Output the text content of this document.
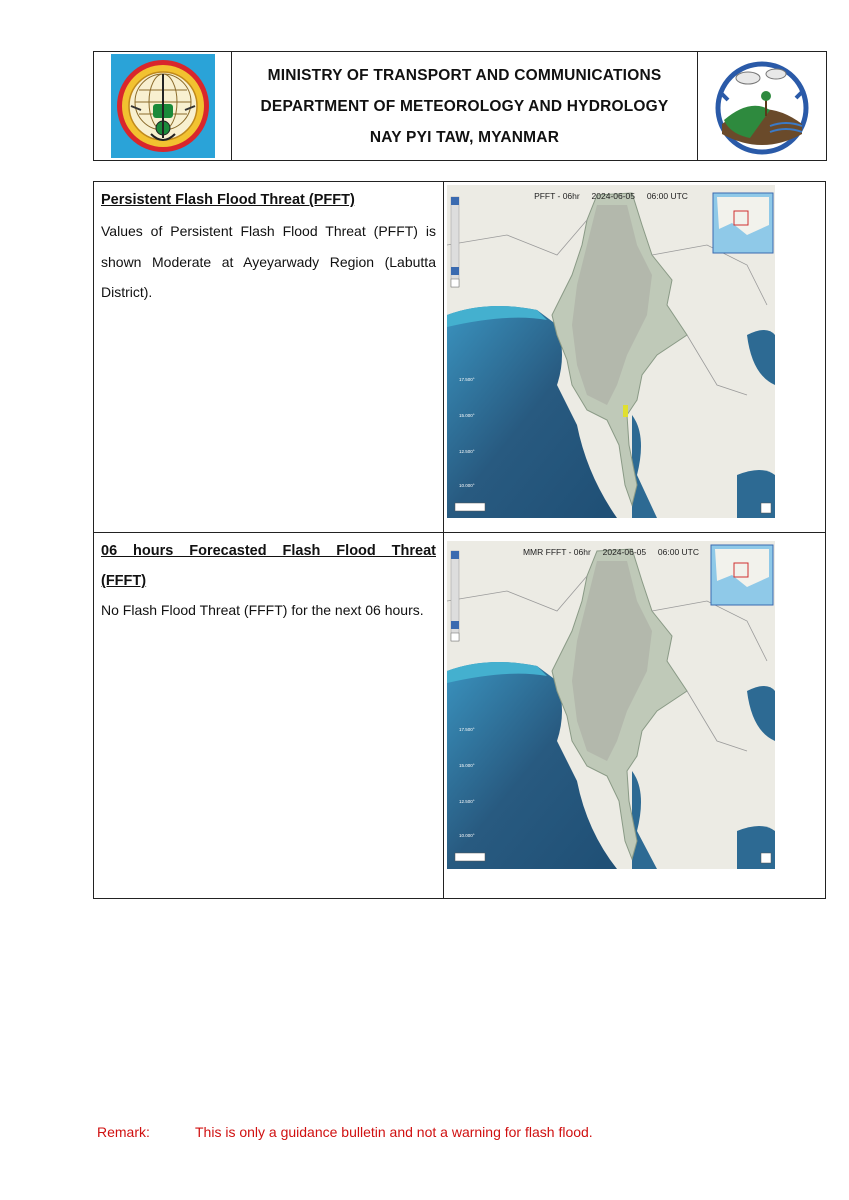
MINISTRY OF TRANSPORT AND COMMUNICATIONS
DEPARTMENT OF METEOROLOGY AND HYDROLOGY
NAY PYI TAW, MYANMAR

Persistent Flash Flood Threat (PFFT)

Values of Persistent Flash Flood Threat (PFFT) is shown Moderate at Ayeyarwady Region (Labutta District).

17.500°
15.000°
12.500°
10.000°
PFFT - 06hr     2024-06-05     06:00 UTC

06 hours Forecasted Flash Flood Threat

(FFFT)

No Flash Flood Threat (FFFT) for the next 06 hours.

17.500°
15.000°
12.500°
10.000°
MMR FFFT - 06hr     2024-06-05     06:00 UTC
Remark:	This is only a guidance bulletin and not a warning for flash flood.
